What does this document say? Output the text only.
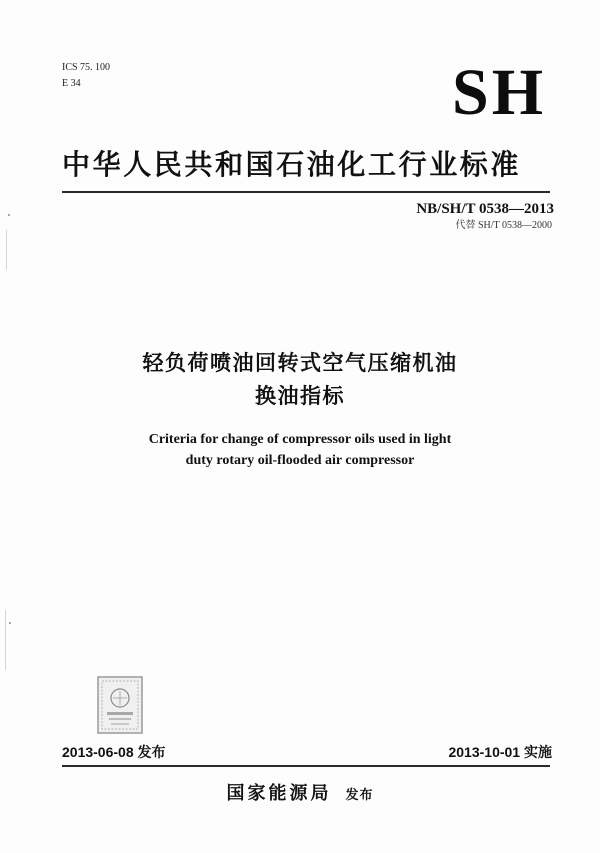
ICS 75. 100
E 34	SH
中华人民共和国石油化工行业标准
NB/SH/T 0538—2013
代替 SH/T 0538—2000
轻负荷喷油回转式空气压缩机油
换油指标
Criteria for change of compressor oils used in light
duty rotary oil-flooded air compressor
2013-06-08 发布	2013-10-01 实施
国家能源局 发布
